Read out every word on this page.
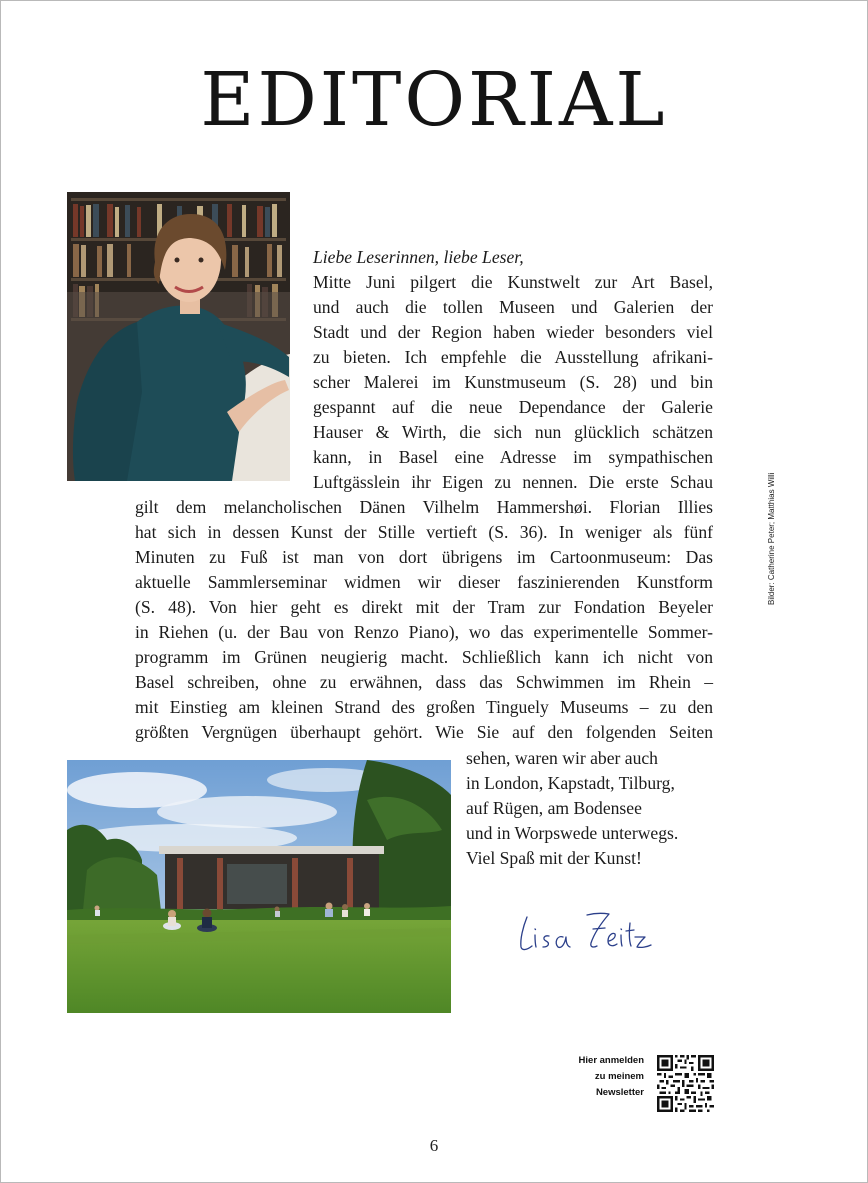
EDITORIAL
Liebe Leserinnen, liebe Leser,
Mitte Juni pilgert die Kunstwelt zur Art Basel,
und auch die tollen Museen und Galerien der
Stadt und der Region haben wieder besonders viel
zu bieten. Ich empfehle die Ausstellung afrikani-
scher Malerei im Kunstmuseum (S. 28) und bin
gespannt auf die neue Dependance der Galerie
Hauser & Wirth, die sich nun glücklich schätzen
kann, in Basel eine Adresse im sympathischen
Luftgässlein ihr Eigen zu nennen. Die erste Schau
gilt dem melancholischen Dänen Vilhelm Hammershøi. Florian Illies
hat sich in dessen Kunst der Stille vertieft (S. 36). In weniger als fünf
Minuten zu Fuß ist man von dort übrigens im Cartoonmuseum: Das
aktuelle Sammlerseminar widmen wir dieser faszinierenden Kunstform
(S. 48). Von hier geht es direkt mit der Tram zur Fondation Beyeler
in Riehen (u. der Bau von Renzo Piano), wo das experimentelle Sommer-
programm im Grünen neugierig macht. Schließlich kann ich nicht von
Basel schreiben, ohne zu erwähnen, dass das Schwimmen im Rhein –
mit Einstieg am kleinen Strand des großen Tinguely Museums – zu den
größten Vergnügen überhaupt gehört. Wie Sie auf den folgenden Seiten
sehen, waren wir aber auch
in London, Kapstadt, Tilburg,
auf Rügen, am Bodensee
und in Worpswede unterwegs.
Viel Spaß mit der Kunst!
Bilder: Catherine Peter; Matthias Willi
Hier anmelden
zu meinem
Newsletter
6
